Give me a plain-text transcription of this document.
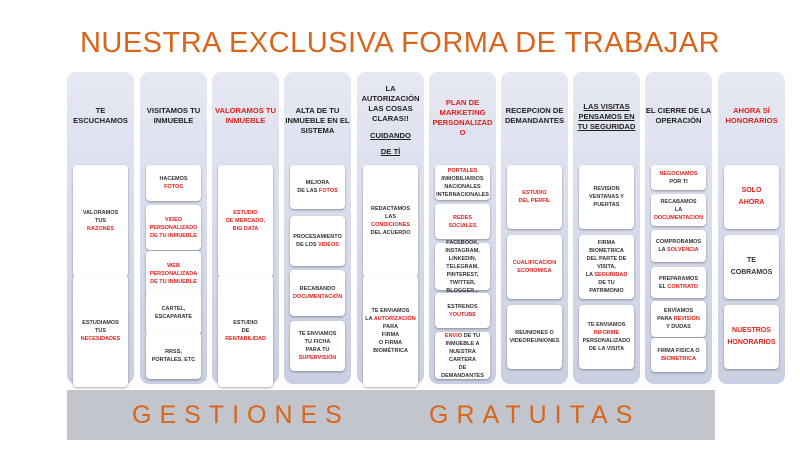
NUESTRA EXCLUSIVA FORMA DE TRABAJAR
TE
ESCUCHAMOS
VALORAMOS
TUS
RAZONES
ESTUDIAMOS
TUS
NECESIDADES
VISITAMOS TU
INMUEBLE
HACEMOS
FOTOS
VIDEO
PERSONALIZADO
DE TU INMUEBLE
WEB
PERSONALIZADA
DE TU INMUEBLE
CARTEL,
ESCAPARATE
RRSS,
PORTALES, ETC
VALORAMOS TU
INMUEBLE
ESTUDIO
DE MERCADO,
BIG DATA
ESTUDIO
DE
RENTABILIDAD
ALTA DE TU
INMUEBLE EN EL
SISTEMA
MEJORA
DE LAS FOTOS
PROCESAMIENTO
DE LOS VIDEOS
RECABANDO
DOCUMENTACIÓN
TE ENVIAMOS
TU FICHA
PARA TU
SUPERVISIÓN
LA
AUTORIZACIÓN
LAS COSAS
CLARAS!!
CUIDANDO
DE TÍ
REDACTAMOS
LAS CONDICIONES
DEL ACUERDO
TE ENVIAMOS
LA AUTORIZACIÓN
PARA
FIRMA
O FIRMA
BIOMÉTRICA
PLAN DE
MARKETING
PERSONALIZAD
O
PORTALES
INMOBILIARIOS
NACIONALES
INTERNACIONALES
REDES
SOCIALES
FACEBOOK,
INSTAGRAM,
LINKEDIN,
TELEGRAM,
PINTEREST,
TWITTER,
BLOGGER...
ESTRENOS
YOUTUBE
ENVIO DE TU
INMUEBLE A
NUESTRA CARTERA
DE DEMANDANTES
RECEPCION DE
DEMANDANTES
ESTUDIO
DEL PERFIL
CUALIFICACION
ECONOMICA
REUNIONES O
VIDEOREUNIONES
LAS VISITAS
PENSAMOS EN
TU SEGURIDAD
REVISION
VENTANAS Y
PUERTAS
FIRMA
BIOMETRICA
DEL PARTE DE
VISITA,
LA SEGURIDAD
DE TU
PATRIMONIO
TE ENVIAMOS
INFORME
PERSONALIZADO
DE LA VISITA
EL CIERRE DE LA
OPERACIÓN
NEGOCIAMOS
POR TI
RECABAMOS
LA
DOCUMENTACION
COMPROBAMOS
LA SOLVENCIA
PREPARAMOS
EL CONTRATO
ENVÍAMOS
PARA REVISIÓN
Y DUDAS
FIRMA FISICA O
BIOMETRICA
AHORA SÍ
HONORARIOS
SOLO
AHORA
TE
COBRAMOS
NUESTROS
HONORARIOS
GESTIONES	GRATUITAS
